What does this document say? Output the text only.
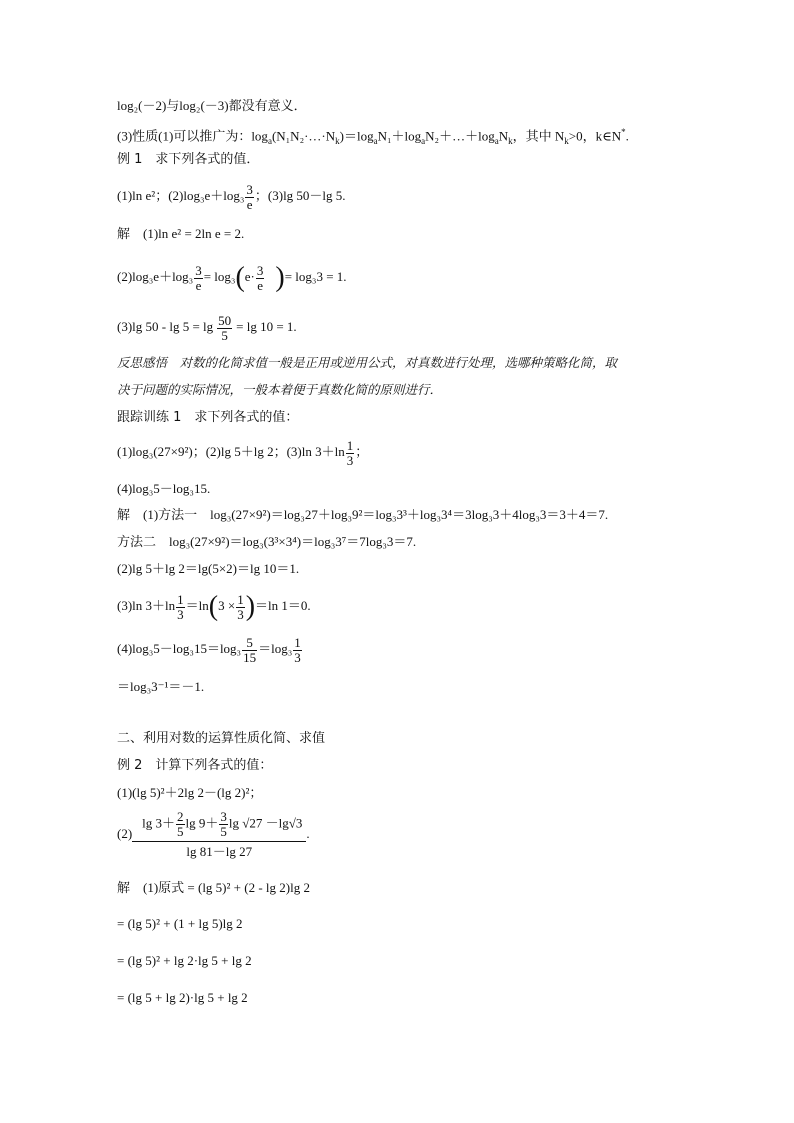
log₂(－2)与log₂(－3)都没有意义．
(3)性质(1)可以推广为：$\log_a(N_1N_2\cdot\dots\cdot N_k)=\log_aN_1+\log_aN_2+\dots+\log_aN_k$，其中 $N_k>0$，k∈N*.
例 1　求下列各式的值．
(1)ln e²；$(2)\log_3e+\log_3 \frac{3}{e}$ ；(3)lg 50－lg 5.
解　(1)ln e² = 2ln e = 2.
$(2)\log_3e+\log_3 \frac{3}{e} = \log_3(e\cdot \frac{3}{e}$ )= log₃3 = 1.
(3)lg $50 - \lg 5 = \lg \frac{50}{5} = \lg 10 = 1$.
反思感悟　对数的化简求值一般是正用或逆用公式，对真数进行处理，选哪种策略化简，取
决于问题的实际情况，一般本着便于真数化简的原则进行．
跟踪训练 1　求下列各式的值：
(1)log₃(27×9²)；(2)lg 5＋lg 2；(3)ln $3+\ln \frac{1}{3}$ ；
(4)log₃5－log₃15.
解　(1)方法一　log₃(27×9²)＝log₃27＋log₃9²＝log₃3³＋log₃3⁴＝3log₃3＋4log₃3＝3＋4＝7.
方法二　log₃(27×9²)＝log₃(3³×3⁴)＝log₃3⁷＝7log₃3＝7.
(2)lg 5＋lg 2＝lg(5×2)＝lg 10＝1.
(3)ln $3+\ln \frac{1}{3} =\ln(3 \times \frac{1}{3} )=\ln$ 1＝0.
$(4)\log_35-\log_315=\log_3 \frac{5}{15} =\log_3 \frac{1}{3}$
＝log₃3⁻¹＝－1.
二、利用对数的运算性质化简、求值
例 2　计算下列各式的值：
(1)(lg 5)²＋2lg 2－(lg 2)²；
$(2) \frac{\lg 3+ \frac{2}{5} \lg 9+ \frac{3}{5} \lg √27 -\lg√3}{\lg 81-\lg 27}$ .
解　(1)原式 = (lg 5)² + (2 - lg 2)lg 2
= (lg 5)² + (1 + lg 5)lg 2
= (lg 5)² + lg 2·lg 5 + lg 2
= (lg 5 + lg 2)·lg 5 + lg 2
